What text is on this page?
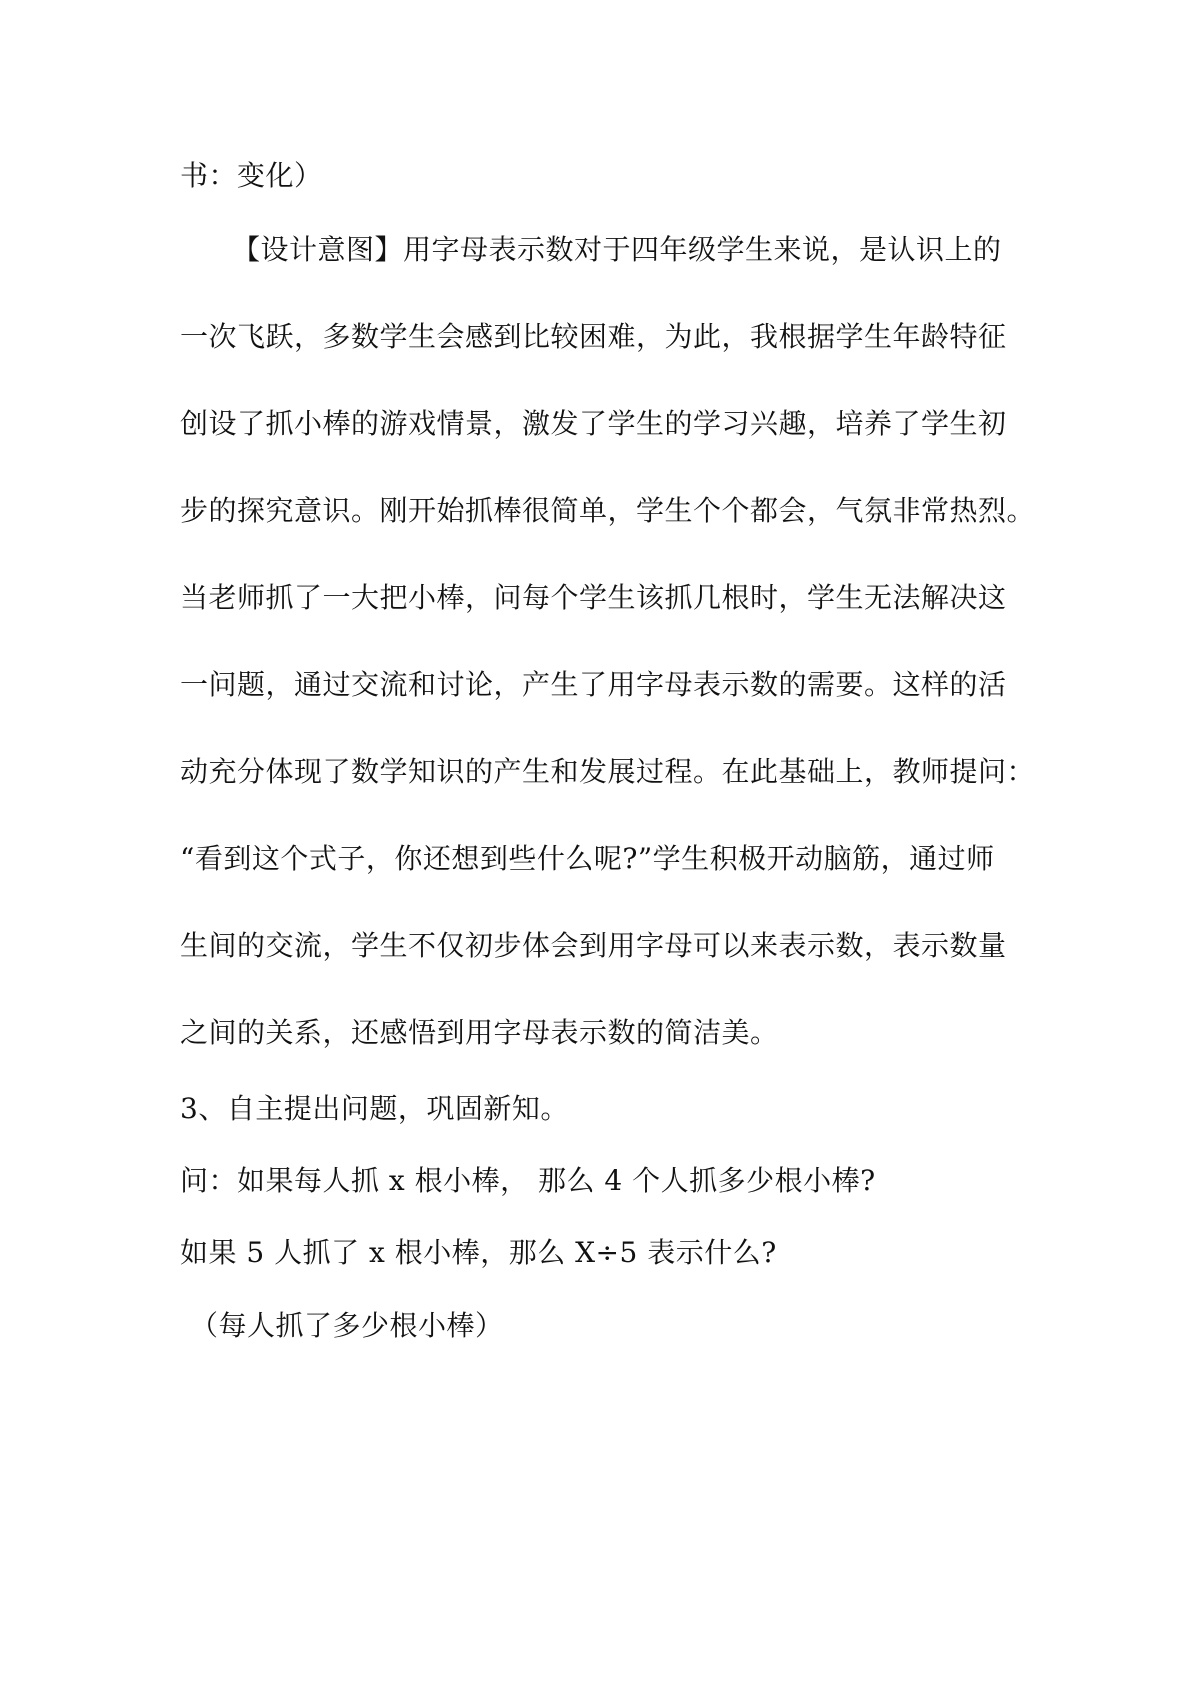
书：变化）
【设计意图】用字母表示数对于四年级学生来说，是认识上的
一次飞跃，多数学生会感到比较困难，为此，我根据学生年龄特征
创设了抓小棒的游戏情景，激发了学生的学习兴趣，培养了学生初
步的探究意识。刚开始抓棒很简单，学生个个都会，气氛非常热烈。
当老师抓了一大把小棒，问每个学生该抓几根时，学生无法解决这
一问题，通过交流和讨论，产生了用字母表示数的需要。这样的活
动充分体现了数学知识的产生和发展过程。在此基础上，教师提问：
“看到这个式子，你还想到些什么呢?”学生积极开动脑筋，通过师
生间的交流，学生不仅初步体会到用字母可以来表示数，表示数量
之间的关系，还感悟到用字母表示数的简洁美。
3、自主提出问题，巩固新知。
问：如果每人抓 x 根小棒， 那么 4 个人抓多少根小棒?
如果 5 人抓了 x 根小棒，那么 X÷5 表示什么?
（每人抓了多少根小棒）
